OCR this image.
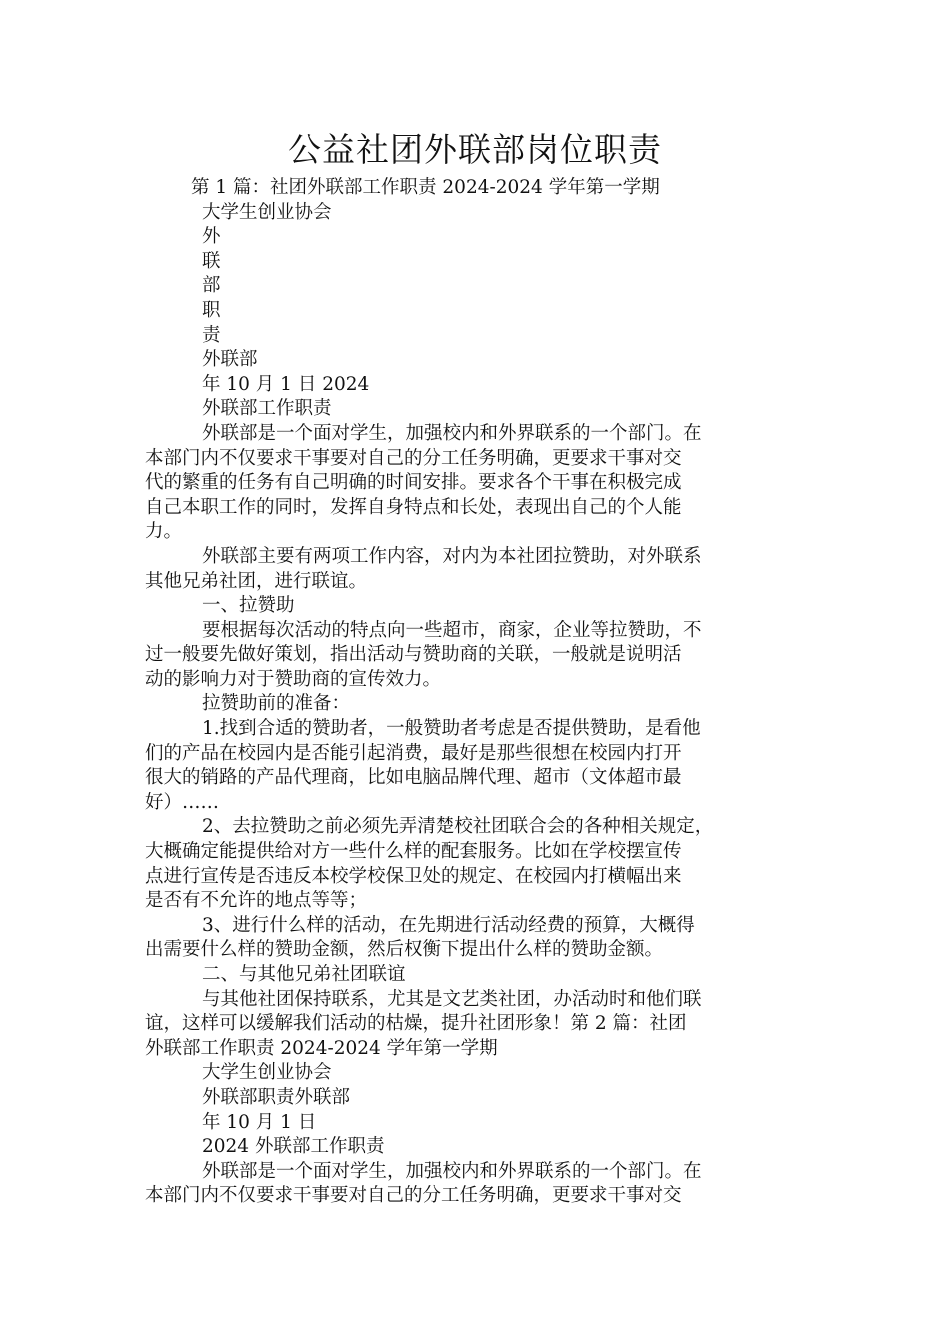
公益社团外联部岗位职责
第 1 篇：社团外联部工作职责 2024-2024 学年第一学期
大学生创业协会
外
联
部
职
责
外联部
年 10 月 1 日 2024
外联部工作职责
外联部是一个面对学生，加强校内和外界联系的一个部门。在
本部门内不仅要求干事要对自己的分工任务明确，更要求干事对交
代的繁重的任务有自己明确的时间安排。要求各个干事在积极完成
自己本职工作的同时，发挥自身特点和长处，表现出自己的个人能
力。
外联部主要有两项工作内容，对内为本社团拉赞助，对外联系
其他兄弟社团，进行联谊。
一、拉赞助
要根据每次活动的特点向一些超市，商家，企业等拉赞助，不
过一般要先做好策划，指出活动与赞助商的关联，一般就是说明活
动的影响力对于赞助商的宣传效力。
拉赞助前的准备：
1.找到合适的赞助者，一般赞助者考虑是否提供赞助，是看他
们的产品在校园内是否能引起消费，最好是那些很想在校园内打开
很大的销路的产品代理商，比如电脑品牌代理、超市（文体超市最
好）……
2、去拉赞助之前必须先弄清楚校社团联合会的各种相关规定，
大概确定能提供给对方一些什么样的配套服务。比如在学校摆宣传
点进行宣传是否违反本校学校保卫处的规定、在校园内打横幅出来
是否有不允许的地点等等；
3、进行什么样的活动，在先期进行活动经费的预算，大概得
出需要什么样的赞助金额，然后权衡下提出什么样的赞助金额。
二、与其他兄弟社团联谊
与其他社团保持联系，尤其是文艺类社团，办活动时和他们联
谊，这样可以缓解我们活动的枯燥，提升社团形象！第 2 篇：社团
外联部工作职责 2024-2024 学年第一学期
大学生创业协会
外联部职责外联部
年 10 月 1 日
2024 外联部工作职责
外联部是一个面对学生，加强校内和外界联系的一个部门。在
本部门内不仅要求干事要对自己的分工任务明确，更要求干事对交
